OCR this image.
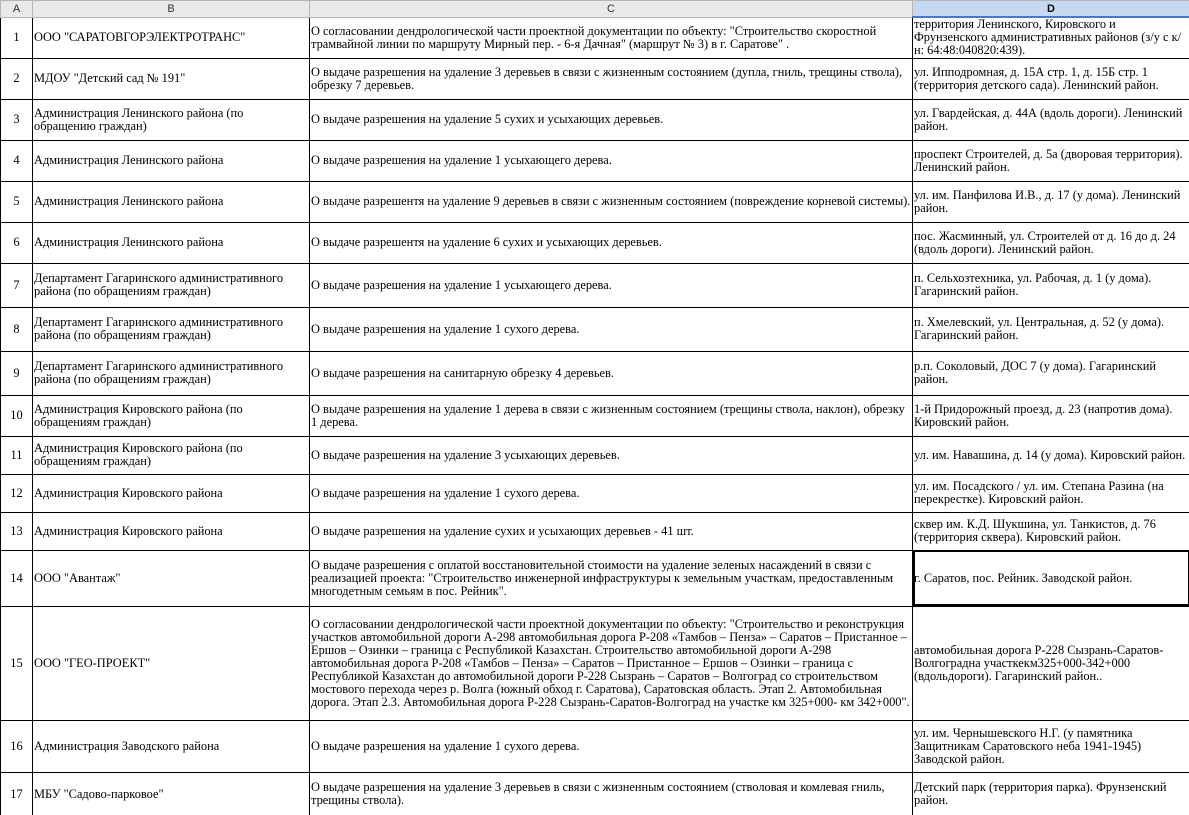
A	B	C	D
1	ООО "САРАТОВГОРЭЛЕКТРОТРАНС"	О согласовании дендрологической части проектной документации по объекту: "Строительство скоростной трамвайной линии по маршруту Мирный пер. - 6-я Дачная" (маршрут № 3) в г. Саратове" .	территория Ленинского, Кировского и Фрунзенского административных районов (з/у с к/н: 64:48:040820:439).
2	МДОУ "Детский сад № 191"	О выдаче разрешения на удаление 3 деревьев в связи с жизненным состоянием (дупла, гниль, трещины ствола), обрезку 7 деревьев.	ул. Ипподромная, д. 15А стр. 1, д. 15Б стр. 1 (территория детского сада). Ленинский район.
3	Администрация Ленинского района (по обращению граждан)	О выдаче разрешения на удаление 5 сухих и усыхающих деревьев.	ул. Гвардейская, д. 44А (вдоль дороги). Ленинский район.
4	Администрация Ленинского района	О выдаче разрешения на удаление 1 усыхающего дерева.	проспект Строителей, д. 5а (дворовая территория). Ленинский район.
5	Администрация Ленинского района	О выдаче разрешентя на удаление 9 деревьев в связи с жизненным состоянием (повреждение корневой системы).	ул. им. Панфилова И.В., д. 17 (у дома). Ленинский район.
6	Администрация Ленинского района	О выдаче разрешентя на удаление 6 сухих и усыхающих деревьев.	пос. Жасминный, ул. Строителей от д. 16 до д. 24 (вдоль дороги). Ленинский район.
7	Департамент Гагаринского административного района (по обращениям граждан)	О выдаче разрешения на удаление 1 усыхающего дерева.	п. Сельхозтехника, ул. Рабочая, д. 1 (у дома). Гагаринский район.
8	Департамент Гагаринского административного района (по обращениям граждан)	О выдаче разрешения на удаление 1 сухого дерева.	п. Хмелевский, ул. Центральная, д. 52 (у дома). Гагаринский район.
9	Департамент Гагаринского административного района (по обращениям граждан)	О выдаче разрешения на санитарную обрезку 4 деревьев.	р.п. Соколовый, ДОС 7 (у дома). Гагаринский район.
10	Администрация Кировского района (по обращениям граждан)	О выдаче разрешения на удаление 1 дерева в связи с жизненным состоянием (трещины ствола, наклон), обрезку 1 дерева.	1-й Придорожный проезд, д. 23 (напротив дома). Кировский район.
11	Администрация Кировского района (по обращениям граждан)	О выдаче разрешения на удаление 3 усыхающих деревьев.	ул. им. Навашина, д. 14 (у дома). Кировский район.
12	Администрация Кировского района	О выдаче разрешения на удаление 1 сухого дерева.	ул. им. Посадского / ул. им. Степана Разина (на перекрестке). Кировский район.
13	Администрация Кировского района	О выдаче разрешения на удаление сухих и усыхающих деревьев - 41 шт.	сквер им. К.Д. Шукшина, ул. Танкистов, д. 76 (территория сквера). Кировский район.
14	ООО "Авантаж"	О выдаче разрешения с оплатой восстановительной стоимости на удаление зеленых насаждений в связи с реализацией проекта: "Строительство инженерной инфраструктуры к земельным участкам, предоставленным многодетным семьям в пос. Рейник".	г. Саратов, пос. Рейник. Заводской район.
15	ООО "ГЕО-ПРОЕКТ"	О согласовании дендрологической части проектной документации по объекту: "Строительство и реконструкция участков автомобильной дороги А-298 автомобильная дорога Р-208 «Тамбов – Пенза» – Саратов – Пристанное – Ершов – Озинки – граница с Республикой Казахстан. Строительство автомобильной дороги А-298 автомобильная дорога Р-208 «Тамбов – Пенза» – Саратов – Пристанное – Ершов – Озинки – граница с Республикой Казахстан до автомобильной дороги Р-228 Сызрань – Саратов – Волгоград со строительством мостового перехода через р. Волга (южный обход г. Саратова), Саратовская область. Этап 2. Автомобильная дорога. Этап 2.3. Автомобильная дорога Р-228 Сызрань-Саратов-Волгоград на участке км 325+000- км 342+000".	автомобильная дорога Р-228 Сызрань-Саратов-Волгоградна участкекм325+000-342+000 (вдольдороги). Гагаринский район..
16	Администрация Заводского района	О выдаче разрешения на удаление 1 сухого дерева.	ул. им. Чернышевского Н.Г. (у памятника Защитникам Саратовского неба 1941-1945) Заводской район.
17	МБУ "Садово-парковое"	О выдаче разрешения на удаление 3 деревьев в связи с жизненным состоянием (стволовая и комлевая гниль, трещины ствола).	Детский парк (территория парка). Фрунзенский район.
